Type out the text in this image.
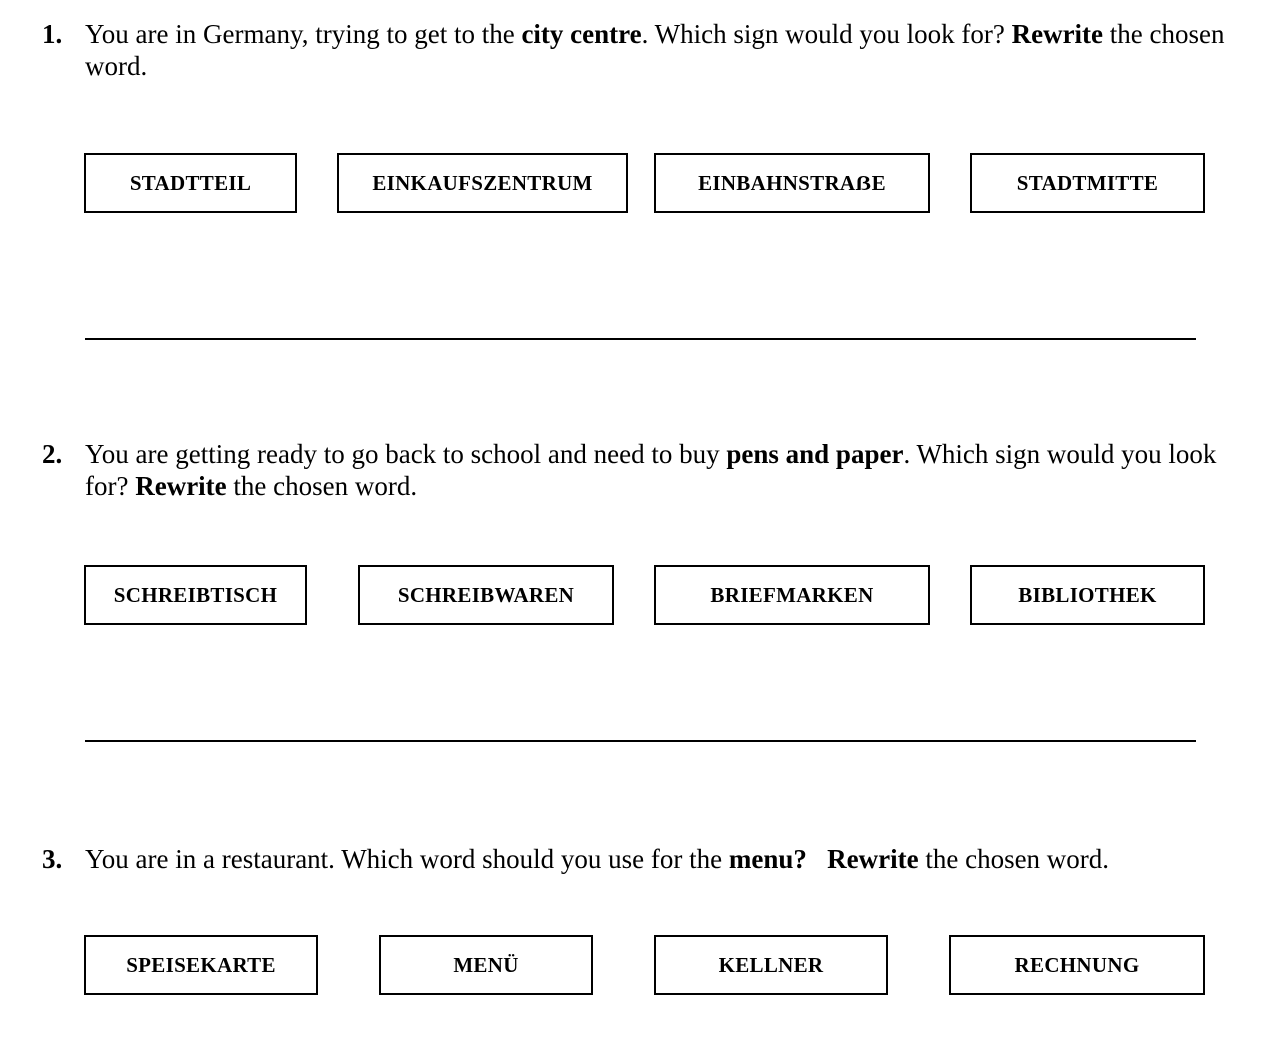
1. You are in Germany, trying to get to the city centre. Which sign would you look for? Rewrite the chosen word.
STADTTEIL	EINKAUFSZENTRUM	EINBAHNSTRAẞE	STADTMITTE
2. You are getting ready to go back to school and need to buy pens and paper. Which sign would you look for? Rewrite the chosen word.
SCHREIBTISCH	SCHREIBWAREN	BRIEFMARKEN	BIBLIOTHEK
3. You are in a restaurant. Which word should you use for the menu? Rewrite the chosen word.
SPEISEKARTE	MENÜ	KELLNER	RECHNUNG
